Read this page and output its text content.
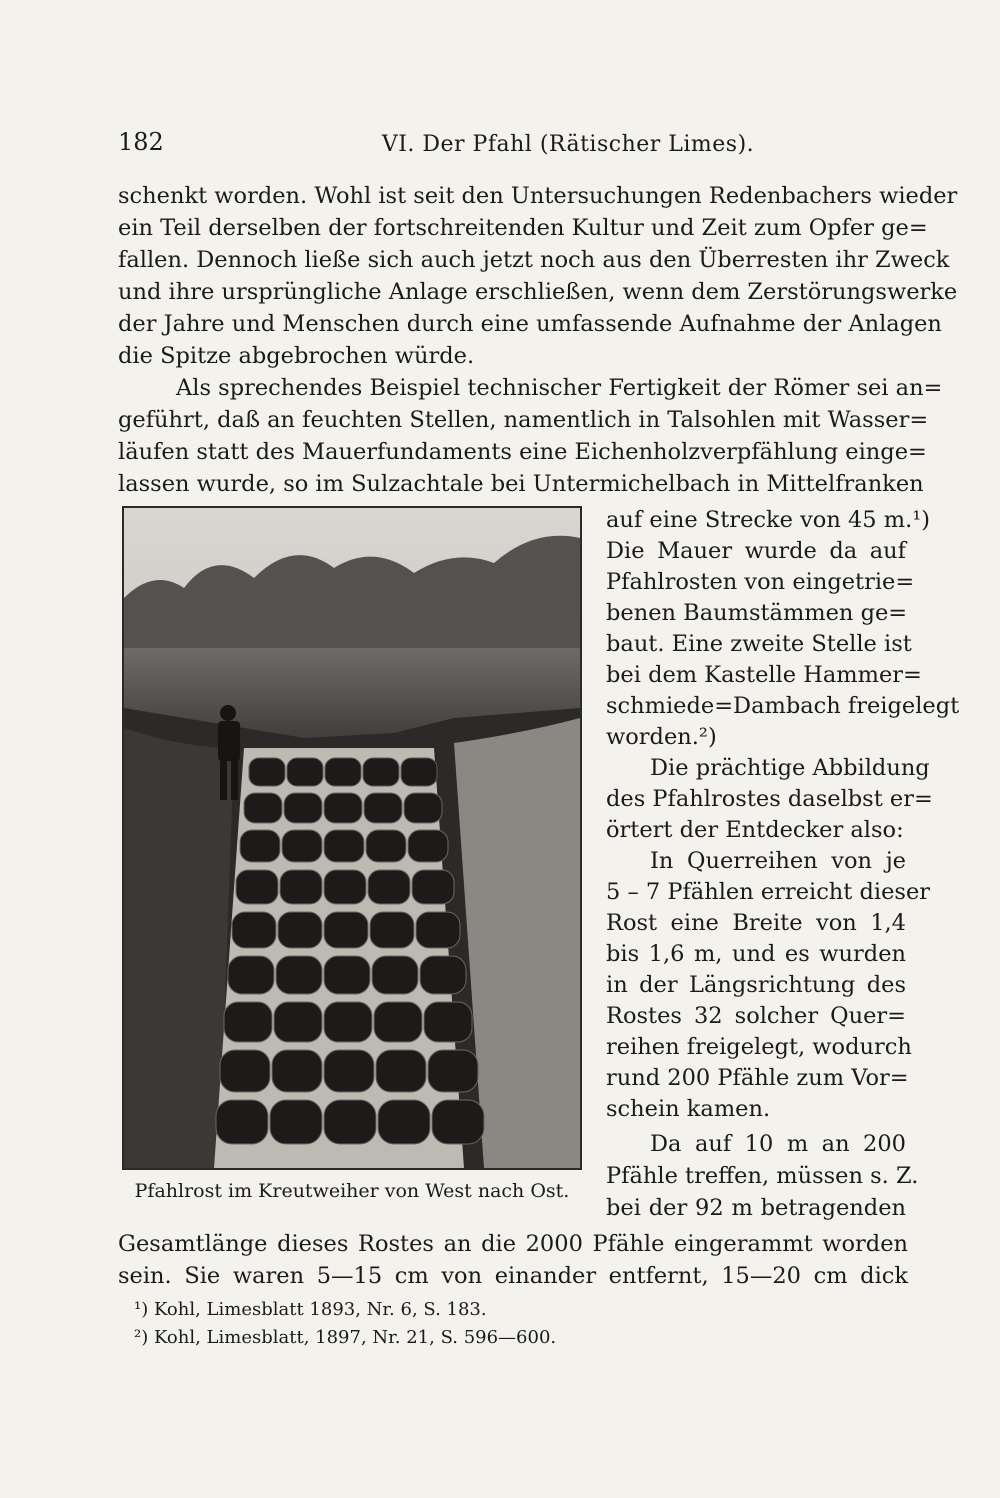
182	VI. Der Pfahl (Rätischer Limes).
schenkt worden. Wohl ist seit den Untersuchungen Redenbachers wieder
ein Teil derselben der fortschreitenden Kultur und Zeit zum Opfer ge=
fallen. Dennoch ließe sich auch jetzt noch aus den Überresten ihr Zweck
und ihre ursprüngliche Anlage erschließen, wenn dem Zerstörungswerke
der Jahre und Menschen durch eine umfassende Aufnahme der Anlagen
die Spitze abgebrochen würde.
Als sprechendes Beispiel technischer Fertigkeit der Römer sei an=
geführt, daß an feuchten Stellen, namentlich in Talsohlen mit Wasser=
läufen statt des Mauerfundaments eine Eichenholzverpfählung einge=
lassen wurde, so im Sulzachtale bei Untermichelbach in Mittelfranken
Pfahlrost im Kreutweiher von West nach Ost.
auf eine Strecke von 45 m.¹)
Die Mauer wurde da auf
Pfahlrosten von eingetrie=
benen Baumstämmen ge=
baut. Eine zweite Stelle ist
bei dem Kastelle Hammer=
schmiede=Dambach freigelegt
worden.²)
Die prächtige Abbildung
des Pfahlrostes daselbst er=
örtert der Entdecker also:
In Querreihen von je
5 – 7 Pfählen erreicht dieser
Rost eine Breite von 1,4
bis 1,6 m, und es wurden
in der Längsrichtung des
Rostes 32 solcher Quer=
reihen freigelegt, wodurch
rund 200 Pfähle zum Vor=
schein kamen.
Da auf 10 m an 200
Pfähle treffen, müssen s. Z.
bei der 92 m betragenden
Gesamtlänge dieses Rostes an die 2000 Pfähle eingerammt worden
sein. Sie waren 5—15 cm von einander entfernt, 15—20 cm dick
¹) Kohl, Limesblatt 1893, Nr. 6, S. 183.
²) Kohl, Limesblatt, 1897, Nr. 21, S. 596—600.
